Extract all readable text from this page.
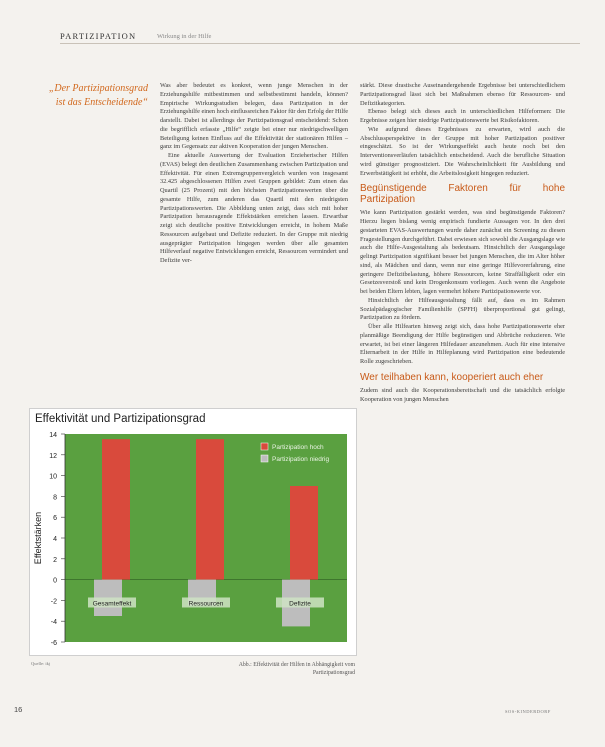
PARTIZIPATION	Wirkung in der Hilfe
„Der Partizipationsgrad ist das Entscheidende“

Was aber bedeutet es konkret, wenn junge Menschen in der Erziehungshilfe mitbestimmen und selbstbestimmt handeln, können? Empirische Wirkungsstudien belegen, dass Partizipation in der Erziehungshilfe einen hoch einflussreichen Faktor für den Erfolg der Hilfe darstellt. Dabei ist allerdings der Partizipationsgrad entscheidend: Schon die begrifflich erfasste „Hilfe“ zeigte bei einer nur niedrigschwelligen Beteiligung keinen Einfluss auf die Effektivität der stationären Hilfen – ganz im Gegensatz zur aktiven Kooperation der jungen Menschen.

Eine aktuelle Auswertung der Evaluation Erzieherischer Hilfen (EVAS) belegt den deutlichen Zusammenhang zwischen Partizipation und Effektivität. Für einen Extremgruppenvergleich wurden von insgesamt 32.425 abgeschlossenen Hilfen zwei Gruppen gebildet: Zum einen das Quartil (25 Prozent) mit den höchsten Partizipationswerten über die gesamte Hilfe, zum anderen das Quartil mit den niedrigsten Partizipationswerten. Die Abbildung unten zeigt, dass sich mit hoher Partizipation herausragende Effektstärken erreichen lassen. Erwartbar zeigt sich deutliche positive Entwicklungen erreicht, in hohem Maße Ressourcen aufgebaut und Defizite reduziert. In der Gruppe mit niedrig ausgeprägter Partizipation hingegen werden über alle gesamten Hilfeverlauf negative Entwicklungen erreicht, Ressourcen vermindert und Defizite ver-

stärkt. Diese drastische Auseinandergehende Ergebnisse bei unterschiedlichem Partizipationsgrad lässt sich bei Maßnahmen ebenso für Ressourcen- und Defizitkategorien.

Ebenso belegt sich dieses auch in unterschiedlichen Hilfeformen: Die Ergebnisse zeigen hier niedrige Partizipationswerte bei Risikofaktoren.

Wie aufgrund dieses Ergebnisses zu erwarten, wird auch die Abschlussperspektive in der Gruppe mit hoher Partizipation positiver eingeschätzt. So ist der Wirkungseffekt auch heute noch bei den Interventionsverläufen tatsächlich entscheidend. Auch die berufliche Situation wird günstiger prognostiziert. Die Wahrscheinlichkeit für Ausbildung und Erwerbstätigkeit ist erhöht, die Arbeitslosigkeit hingegen reduziert.

Begünstigende Faktoren für hohe Partizipation

Wie kann Partizipation gestärkt werden, was sind begünstigende Faktoren? Hierzu liegen bislang wenig empirisch fundierte Aussagen vor. In den drei gestarteten EVAS-Auswertungen wurde daher zunächst ein Screening zu diesen Fragestellungen durchgeführt. Dabei erwiesen sich sowohl die Ausgangslage wie auch die Hilfe-Ausgestaltung als bedeutsam. Hinsichtlich der Ausgangslage gelingt Partizipation signifikant besser bei jungen Menschen, die im Alter höher sind, als Mädchen und dann, wenn nur eine geringe Hilfevorerfahrung, eine geringere Defizitbelastung, höhere Ressourcen, keine Straffälligkeit oder ein Gesetzesverstoß und kein Drogenkonsum vorliegen. Auch wenn die Angebote bei beiden Eltern lebten, lagen vermehrt höhere Partizipationswerte vor.

Hinsichtlich der Hilfeausgestaltung fällt auf, dass es im Rahmen Sozialpädagogischer Familienhilfe (SPFH) überproportional gut gelingt, Partizipation zu fördern.

Über alle Hilfearten hinweg zeigt sich, dass hohe Partizipationswerte eher planmäßige Beendigung der Hilfe begünstigen und Abbrüche reduzieren. Wie erwartet, ist bei einer längeren Hilfedauer anzunehmen. Auch für eine intensive Elternarbeit in der Hilfe in Hilfeplanung wird Partizipation eine bedeutende Rolle zugeschrieben.

Wer teilhaben kann, kooperiert auch eher

Zudem sind auch die Kooperationsbereitschaft und die tatsächlich erfolgte Kooperation von jungen Menschen

Effektivität und Partizipationsgrad
Effektstärken
14
12
10
8
6
4
2
0
-2
-4
-6
Gesamteffekt	Ressourcen	Defizite
Partizipation hoch
Partizipation niedrig
Quelle: ikj	Abb.: Effektivität der Hilfen in Abhängigkeit vom Partizipationsgrad
16	SOS-KINDERDORF
